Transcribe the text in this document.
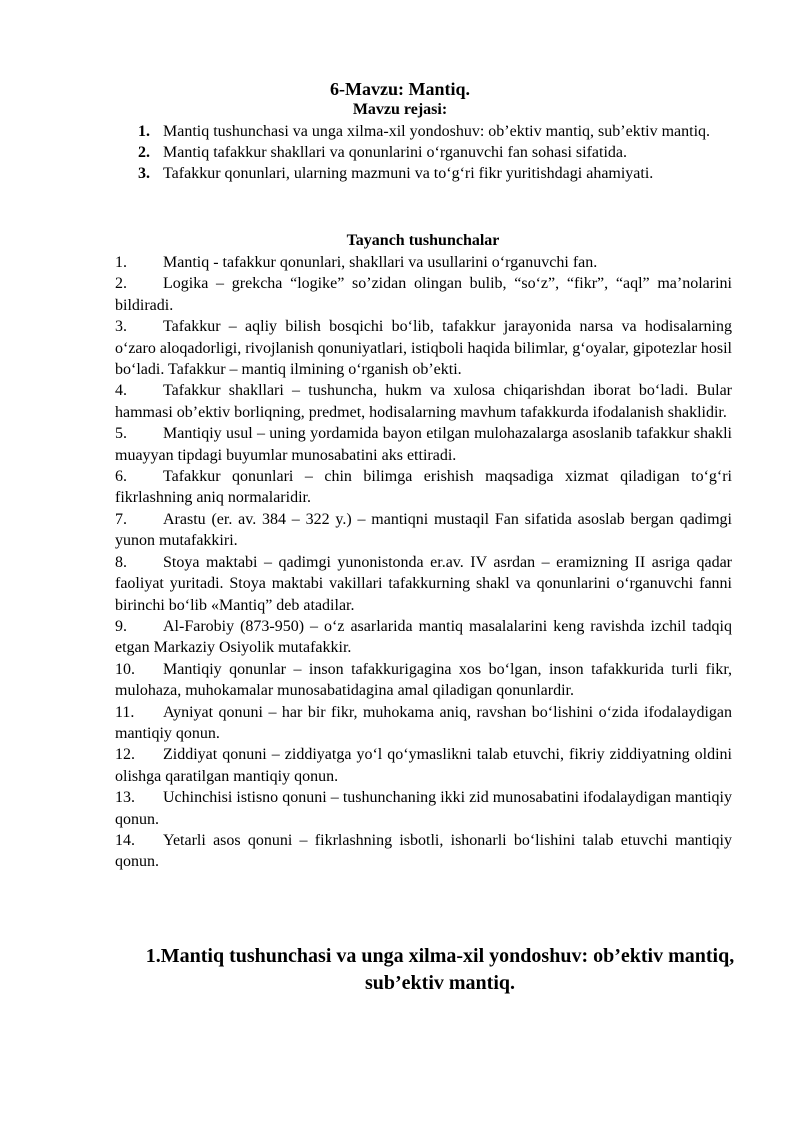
6-Mavzu: Mantiq.
Mavzu rejasi:
1. Mantiq tushunchasi va unga xilma-xil yondoshuv: ob’ektiv mantiq, sub’ektiv mantiq.
2. Mantiq tafakkur shakllari va qonunlarini o‘rganuvchi fan sohasi sifatida.
3. Tafakkur qonunlari, ularning mazmuni va to‘g‘ri fikr yuritishdagi ahamiyati.
Tayanch tushunchalar
1. Mantiq - tafakkur qonunlari, shakllari va usullarini o‘rganuvchi fan.
2. Logika – grekcha “logike” so’zidan olingan bulib, “so‘z”, “fikr”, “aql” ma’nolarini bildiradi.
3. Tafakkur – aqliy bilish bosqichi bo‘lib, tafakkur jarayonida narsa va hodisalarning o‘zaro aloqadorligi, rivojlanish qonuniyatlari, istiqboli haqida bilimlar, g‘oyalar, gipotezlar hosil bo‘ladi. Tafakkur – mantiq ilmining o‘rganish ob’ekti.
4. Tafakkur shakllari – tushuncha, hukm va xulosa chiqarishdan iborat bo‘ladi. Bular hammasi ob’ektiv borliqning, predmet, hodisalarning mavhum tafakkurda ifodalanish shaklidir.
5. Mantiqiy usul – uning yordamida bayon etilgan mulohazalarga asoslanib tafakkur shakli muayyan tipdagi buyumlar munosabatini aks ettiradi.
6. Tafakkur qonunlari – chin bilimga erishish maqsadiga xizmat qiladigan to‘g‘ri fikrlashning aniq normalaridir.
7. Arastu (er. av. 384 – 322 y.) – mantiqni mustaqil Fan sifatida asoslab bergan qadimgi yunon mutafakkiri.
8. Stoya maktabi – qadimgi yunonistonda er.av. IV asrdan – eramizning II asriga qadar faoliyat yuritadi. Stoya maktabi vakillari tafakkurning shakl va qonunlarini o‘rganuvchi fanni birinchi bo‘lib «Mantiq” deb atadilar.
9. Al-Farobiy (873-950) – o‘z asarlarida mantiq masalalarini keng ravishda izchil tadqiq etgan Markaziy Osiyolik mutafakkir.
10. Mantiqiy qonunlar – inson tafakkurigagina xos bo‘lgan, inson tafakkurida turli fikr, mulohaza, muhokamalar munosabatidagina amal qiladigan qonunlardir.
11. Ayniyat qonuni – har bir fikr, muhokama aniq, ravshan bo‘lishini o‘zida ifodalaydigan mantiqiy qonun.
12. Ziddiyat qonuni – ziddiyatga yo‘l qo‘ymaslikni talab etuvchi, fikriy ziddiyatning oldini olishga qaratilgan mantiqiy qonun.
13. Uchinchisi istisno qonuni – tushunchaning ikki zid munosabatini ifodalaydigan mantiqiy qonun.
14. Yetarli asos qonuni – fikrlashning isbotli, ishonarli bo‘lishini talab etuvchi mantiqiy qonun.
1.Mantiq tushunchasi va unga xilma-xil yondoshuv: ob’ektiv mantiq, sub’ektiv mantiq.
